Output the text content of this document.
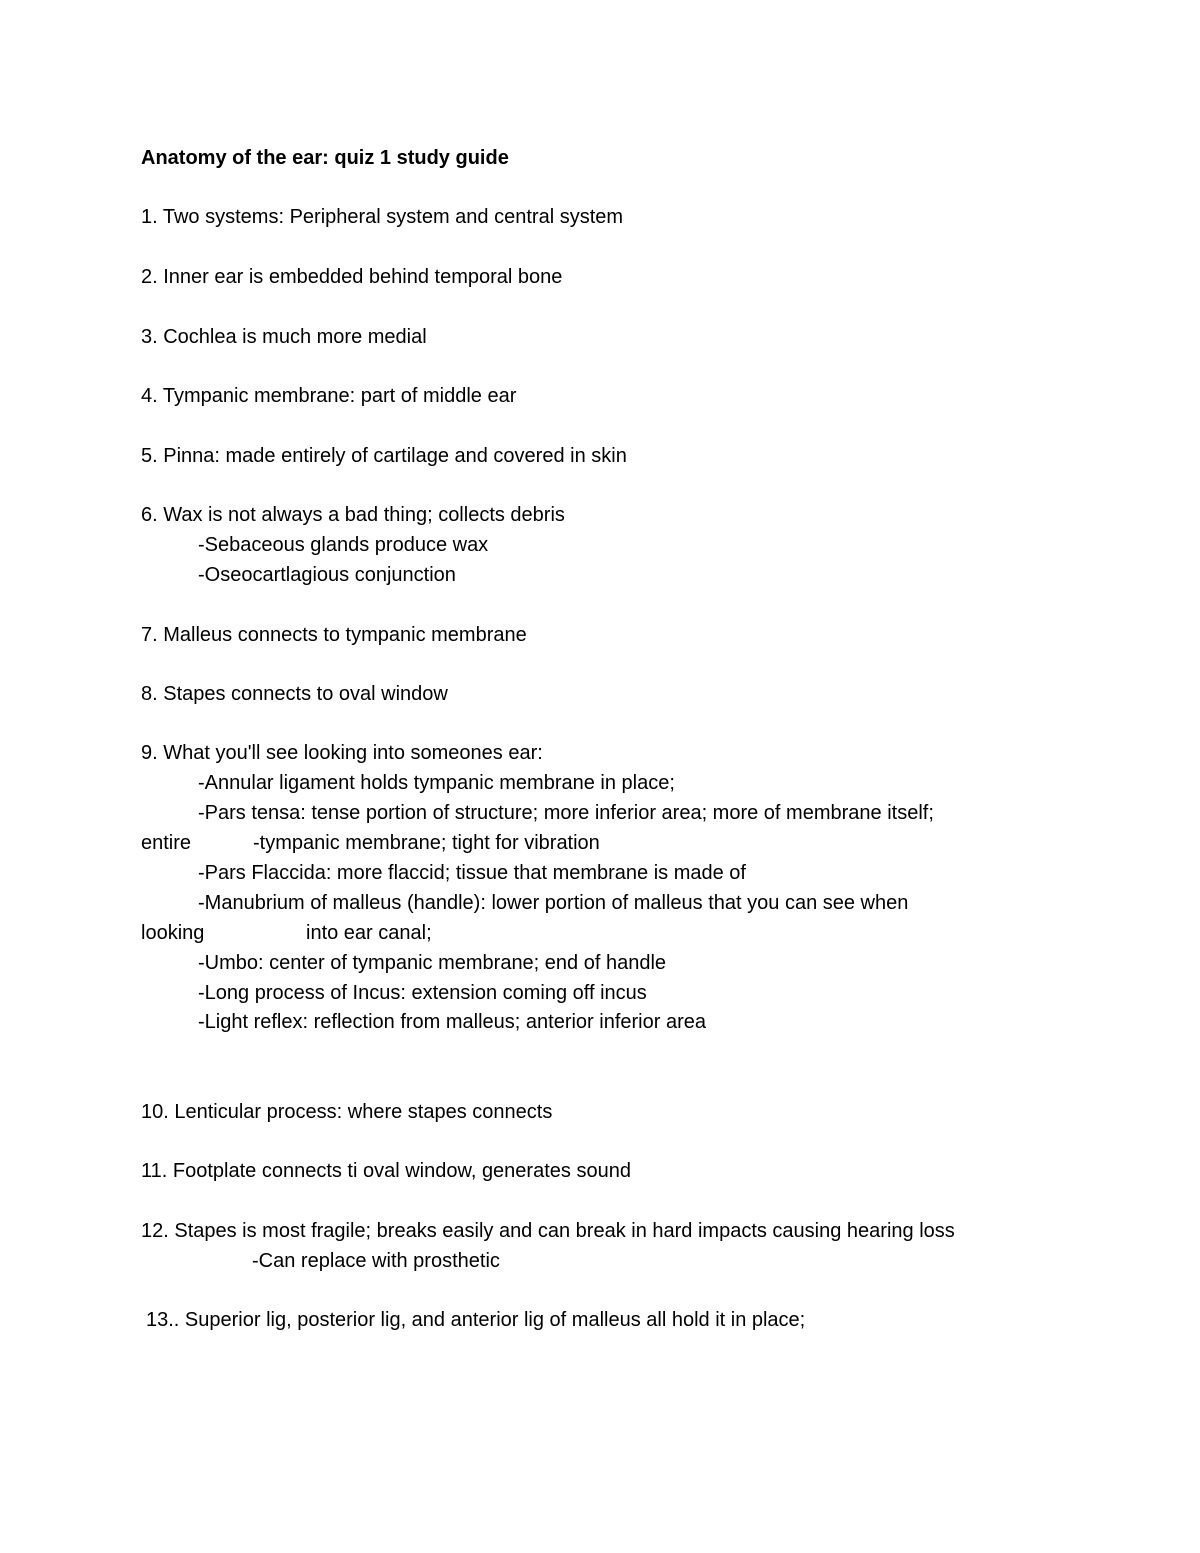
Anatomy of the ear: quiz 1 study guide

1. Two systems: Peripheral system and central system

2. Inner ear is embedded behind temporal bone

3. Cochlea is much more medial

4. Tympanic membrane: part of middle ear

5. Pinna: made entirely of cartilage and covered in skin

6. Wax is not always a bad thing; collects debris

-Sebaceous glands produce wax

-Oseocartlagious conjunction

7. Malleus connects to tympanic membrane

8. Stapes connects to oval window

9. What you'll see looking into someones ear:

-Annular ligament holds tympanic membrane in place;

-Pars tensa: tense portion of structure; more inferior area; more of membrane itself;

entire	-tympanic membrane; tight for vibration

-Pars Flaccida: more flaccid; tissue that membrane is made of

-Manubrium of malleus (handle): lower portion of malleus that you can see when

looking	into ear canal;

-Umbo: center of tympanic membrane; end of handle

-Long process of Incus: extension coming off incus

-Light reflex: reflection from malleus; anterior inferior area

10. Lenticular process: where stapes connects

11. Footplate connects ti oval window, generates sound

12. Stapes is most fragile; breaks easily and can break in hard impacts causing hearing loss

-Can replace with prosthetic

13.. Superior lig, posterior lig, and anterior lig of malleus all hold it in place;
